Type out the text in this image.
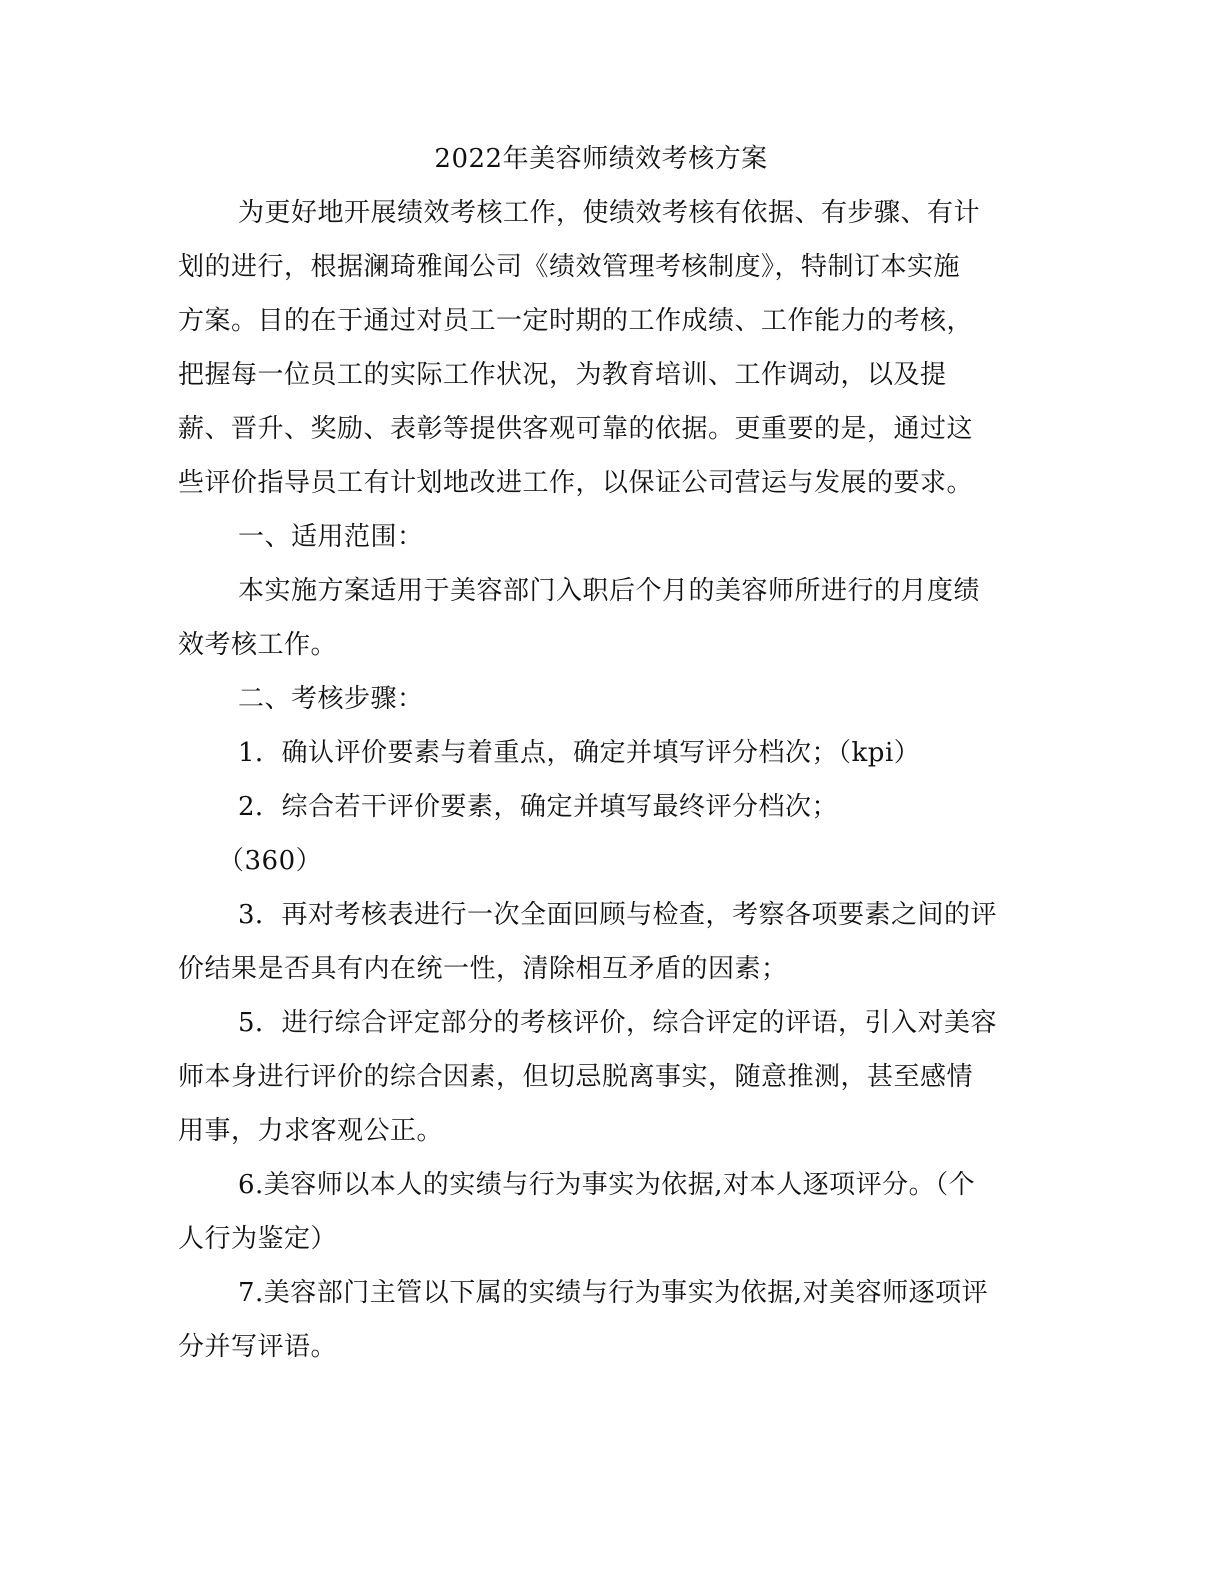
2022年美容师绩效考核方案

为更好地开展绩效考核工作，使绩效考核有依据、有步骤、有计
划的进行，根据澜琦雅闻公司《绩效管理考核制度》，特制订本实施
方案。目的在于通过对员工一定时期的工作成绩、工作能力的考核，
把握每一位员工的实际工作状况，为教育培训、工作调动，以及提
薪、晋升、奖励、表彰等提供客观可靠的依据。更重要的是，通过这
些评价指导员工有计划地改进工作，以保证公司营运与发展的要求。

一、适用范围：

本实施方案适用于美容部门入职后个月的美容师所进行的月度绩
效考核工作。

二、考核步骤：

1．确认评价要素与着重点，确定并填写评分档次；（kpi）

2．综合若干评价要素，确定并填写最终评分档次；

（360）

3．再对考核表进行一次全面回顾与检查，考察各项要素之间的评
价结果是否具有内在统一性，清除相互矛盾的因素；

5．进行综合评定部分的考核评价，综合评定的评语，引入对美容
师本身进行评价的综合因素，但切忌脱离事实，随意推测，甚至感情
用事，力求客观公正。

6.美容师以本人的实绩与行为事实为依据,对本人逐项评分。（个
人行为鉴定）

7.美容部门主管以下属的实绩与行为事实为依据,对美容师逐项评
分并写评语。
